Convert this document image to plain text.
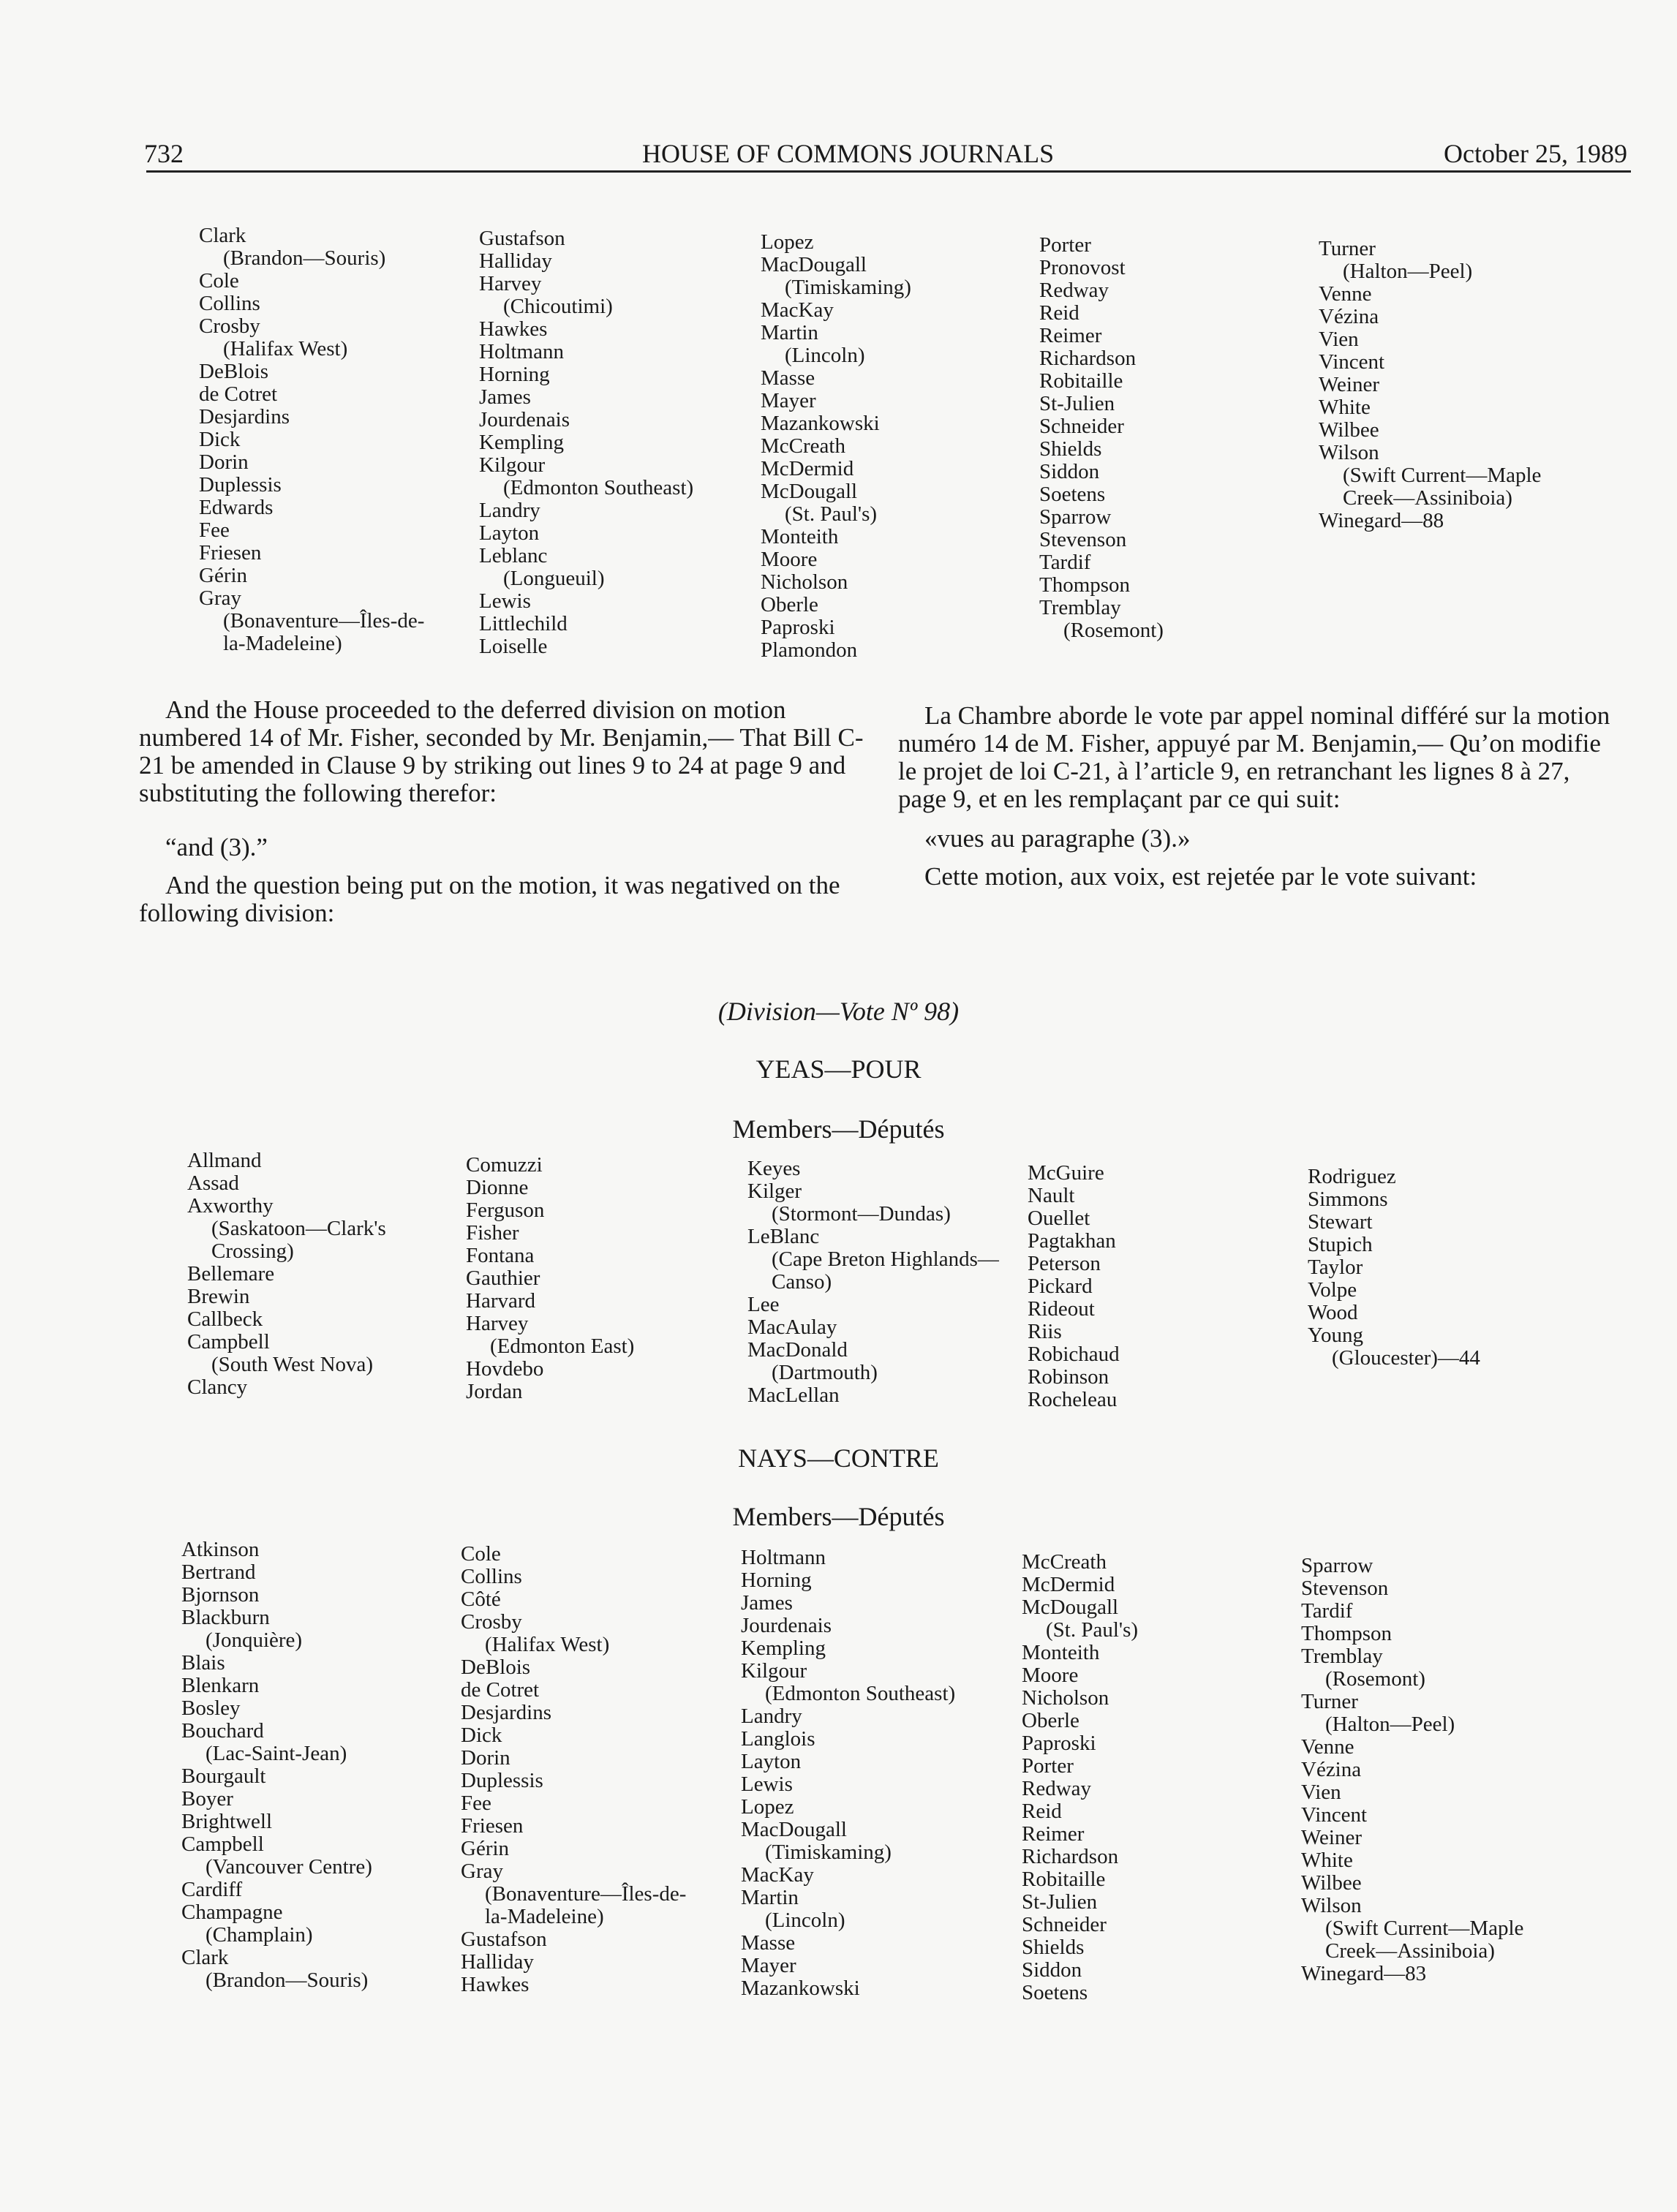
732	HOUSE OF COMMONS JOURNALS	October 25, 1989
Clark
(Brandon—Souris)
Cole
Collins
Crosby
(Halifax West)
DeBlois
de Cotret
Desjardins
Dick
Dorin
Duplessis
Edwards
Fee
Friesen
Gérin
Gray
(Bonaventure—Îles-de-
la-Madeleine)
Gustafson
Halliday
Harvey
(Chicoutimi)
Hawkes
Holtmann
Horning
James
Jourdenais
Kempling
Kilgour
(Edmonton Southeast)
Landry
Layton
Leblanc
(Longueuil)
Lewis
Littlechild
Loiselle
Lopez
MacDougall
(Timiskaming)
MacKay
Martin
(Lincoln)
Masse
Mayer
Mazankowski
McCreath
McDermid
McDougall
(St. Paul's)
Monteith
Moore
Nicholson
Oberle
Paproski
Plamondon
Porter
Pronovost
Redway
Reid
Reimer
Richardson
Robitaille
St-Julien
Schneider
Shields
Siddon
Soetens
Sparrow
Stevenson
Tardif
Thompson
Tremblay
(Rosemont)
Turner
(Halton—Peel)
Venne
Vézina
Vien
Vincent
Weiner
White
Wilbee
Wilson
(Swift Current—Maple
Creek—Assiniboia)
Winegard—88

And the House proceeded to the deferred division on motion numbered 14 of Mr. Fisher, seconded by Mr. Benjamin,— That Bill C-21 be amended in Clause 9 by striking out lines 9 to 24 at page 9 and substituting the following therefor:

“and (3).”

And the question being put on the motion, it was negatived on the following division:

La Chambre aborde le vote par appel nominal différé sur la motion numéro 14 de M. Fisher, appuyé par M. Benjamin,— Qu’on modifie le projet de loi C-21, à l’article 9, en retranchant les lignes 8 à 27, page 9, et en les remplaçant par ce qui suit:

«vues au paragraphe (3).»

Cette motion, aux voix, est rejetée par le vote suivant:

(Division—Vote Nº 98)
YEAS—POUR
Members—Députés
Allmand
Assad
Axworthy
(Saskatoon—Clark's
Crossing)
Bellemare
Brewin
Callbeck
Campbell
(South West Nova)
Clancy
Comuzzi
Dionne
Ferguson
Fisher
Fontana
Gauthier
Harvard
Harvey
(Edmonton East)
Hovdebo
Jordan
Keyes
Kilger
(Stormont—Dundas)
LeBlanc
(Cape Breton Highlands—
Canso)
Lee
MacAulay
MacDonald
(Dartmouth)
MacLellan
McGuire
Nault
Ouellet
Pagtakhan
Peterson
Pickard
Rideout
Riis
Robichaud
Robinson
Rocheleau
Rodriguez
Simmons
Stewart
Stupich
Taylor
Volpe
Wood
Young
(Gloucester)—44
NAYS—CONTRE
Members—Députés
Atkinson
Bertrand
Bjornson
Blackburn
(Jonquière)
Blais
Blenkarn
Bosley
Bouchard
(Lac-Saint-Jean)
Bourgault
Boyer
Brightwell
Campbell
(Vancouver Centre)
Cardiff
Champagne
(Champlain)
Clark
(Brandon—Souris)
Cole
Collins
Côté
Crosby
(Halifax West)
DeBlois
de Cotret
Desjardins
Dick
Dorin
Duplessis
Fee
Friesen
Gérin
Gray
(Bonaventure—Îles-de-
la-Madeleine)
Gustafson
Halliday
Hawkes
Holtmann
Horning
James
Jourdenais
Kempling
Kilgour
(Edmonton Southeast)
Landry
Langlois
Layton
Lewis
Lopez
MacDougall
(Timiskaming)
MacKay
Martin
(Lincoln)
Masse
Mayer
Mazankowski
McCreath
McDermid
McDougall
(St. Paul's)
Monteith
Moore
Nicholson
Oberle
Paproski
Porter
Redway
Reid
Reimer
Richardson
Robitaille
St-Julien
Schneider
Shields
Siddon
Soetens
Sparrow
Stevenson
Tardif
Thompson
Tremblay
(Rosemont)
Turner
(Halton—Peel)
Venne
Vézina
Vien
Vincent
Weiner
White
Wilbee
Wilson
(Swift Current—Maple
Creek—Assiniboia)
Winegard—83
